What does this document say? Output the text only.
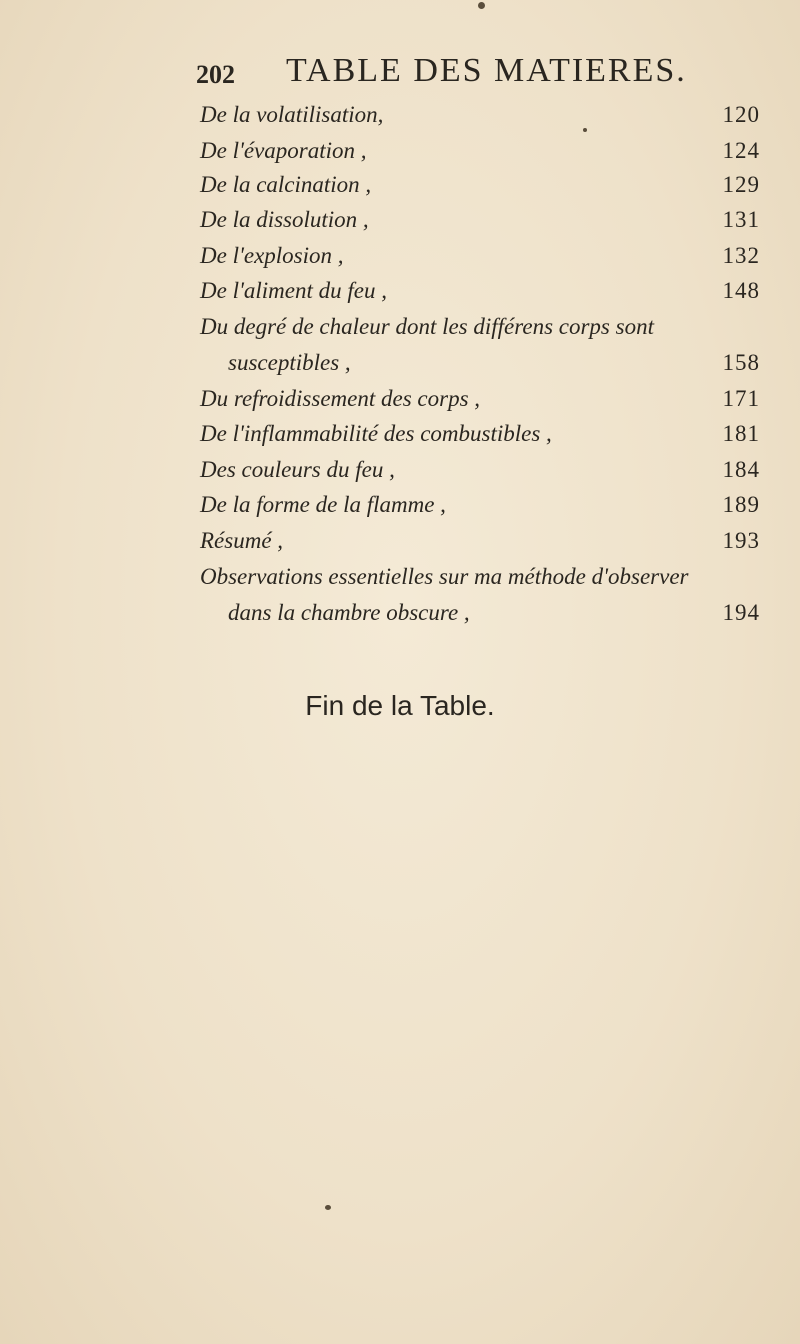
202 TABLE DES MATIERES.
De la volatilisation,	120
De l'évaporation ,	124
De la calcination ,	129
De la dissolution ,	131
De l'explosion ,	132
De l'aliment du feu ,	148
Du degré de chaleur dont les différens corps sont
susceptibles ,	158
Du refroidissement des corps ,	171
De l'inflammabilité des combustibles ,	181
Des couleurs du feu ,	184
De la forme de la flamme ,	189
Résumé ,	193
Observations essentielles sur ma méthode d'observer
dans la chambre obscure ,	194
Fin de la Table.
